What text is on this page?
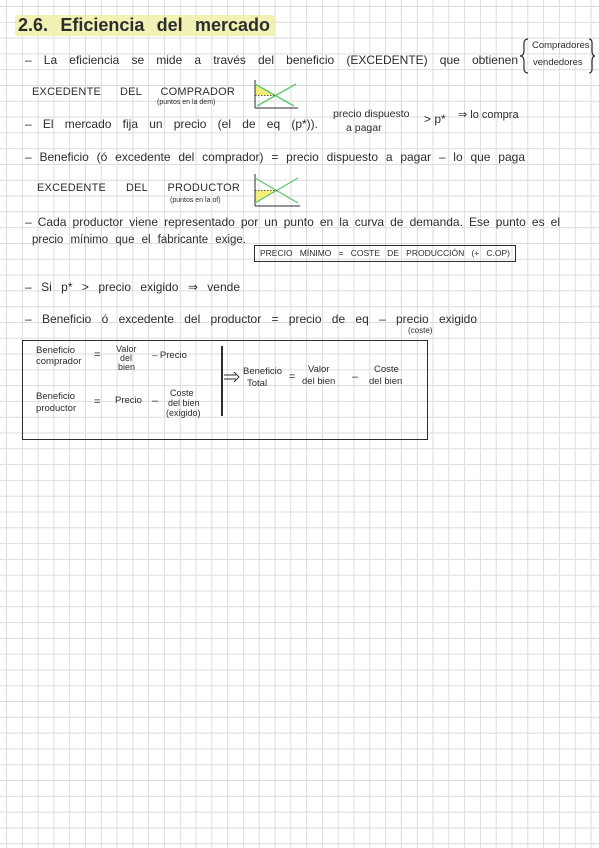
2.6. Eficiencia del mercado
– La eficiencia se mide a través del beneficio (EXCEDENTE) que obtienen
Compradores
vendedores
EXCEDENTE DEL COMPRADOR
(puntos en la dem)
– El mercado fija un precio (el de eq (p*)).
precio dispuesto
a pagar
> p* ⇒ lo compra
– Beneficio (ó excedente del comprador) = precio dispuesto a pagar – lo que paga
EXCEDENTE DEL PRODUCTOR
(puntos en la of)
– Cada productor viene representado por un punto en la curva de demanda. Ese punto es el
precio mínimo que el fabricante exige.
PRECIO MÍNIMO = COSTE DE PRODUCCIÓN (+ C.OP)
– Si p* > precio exigido ⇒ vende
– Beneficio ó excedente del productor = precio de eq – precio exigido
(coste)
Beneficio
comprador
= Valor
del
bien
– Precio
Beneficio
Total
=
Valor
del bien –
Coste
del bien
Beneficio
productor
= Precio –
Coste
del bien
(exigido)
